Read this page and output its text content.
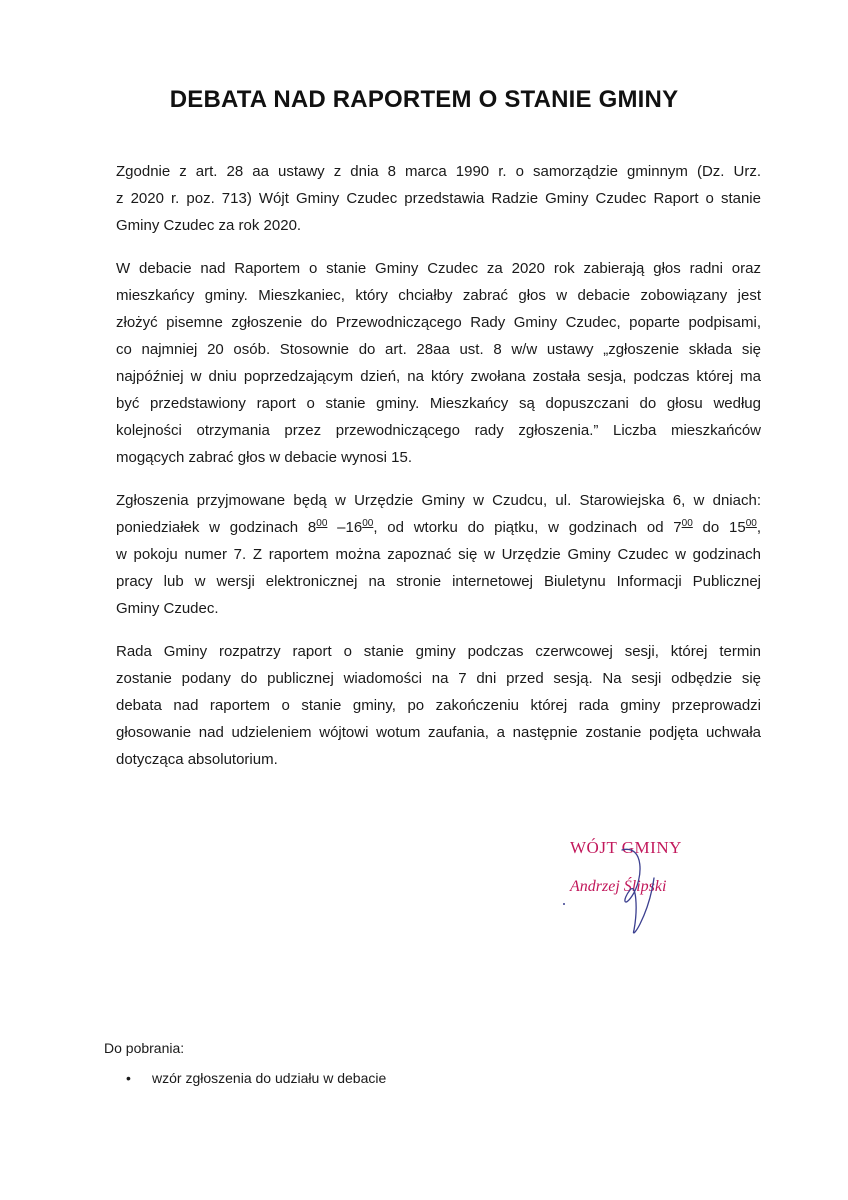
DEBATA NAD RAPORTEM O STANIE GMINY

Zgodnie z art. 28 aa ustawy z dnia 8 marca 1990 r. o samorządzie gminnym (Dz. Urz.
z 2020 r. poz. 713) Wójt Gminy Czudec przedstawia Radzie Gminy Czudec Raport o stanie
Gminy Czudec za rok 2020.

W debacie nad Raportem o stanie Gminy Czudec za 2020 rok zabierają głos radni oraz
mieszkańcy gminy. Mieszkaniec, który chciałby zabrać głos w debacie zobowiązany jest
złożyć pisemne zgłoszenie do Przewodniczącego Rady Gminy Czudec, poparte podpisami,
co najmniej 20 osób. Stosownie do art. 28aa ust. 8 w/w ustawy „zgłoszenie składa się
najpóźniej w dniu poprzedzającym dzień, na który zwołana została sesja, podczas której ma
być przedstawiony raport o stanie gminy. Mieszkańcy są dopuszczani do głosu według
kolejności otrzymania przez przewodniczącego rady zgłoszenia.” Liczba mieszkańców
mogących zabrać głos w debacie wynosi 15.

Zgłoszenia przyjmowane będą w Urzędzie Gminy w Czudcu, ul. Starowiejska 6, w dniach:
poniedziałek w godzinach $8^{00}$ $-16^{00}$, od wtorku do piątku, w godzinach od $7^{00}$ do $15^{00}$,
w pokoju numer 7. Z raportem można zapoznać się w Urzędzie Gminy Czudec w godzinach
pracy lub w wersji elektronicznej na stronie internetowej Biuletynu Informacji Publicznej
Gminy Czudec.

Rada Gminy rozpatrzy raport o stanie gminy podczas czerwcowej sesji, której termin
zostanie podany do publicznej wiadomości na 7 dni przed sesją. Na sesji odbędzie się
debata nad raportem o stanie gminy, po zakończeniu której rada gminy przeprowadzi
głosowanie nad udzieleniem wójtowi wotum zaufania, a następnie zostanie podjęta uchwała
dotycząca absolutorium.

WÓJT GMINY
Andrzej Ślipski
Do pobrania:
• wzór zgłoszenia do udziału w debacie
